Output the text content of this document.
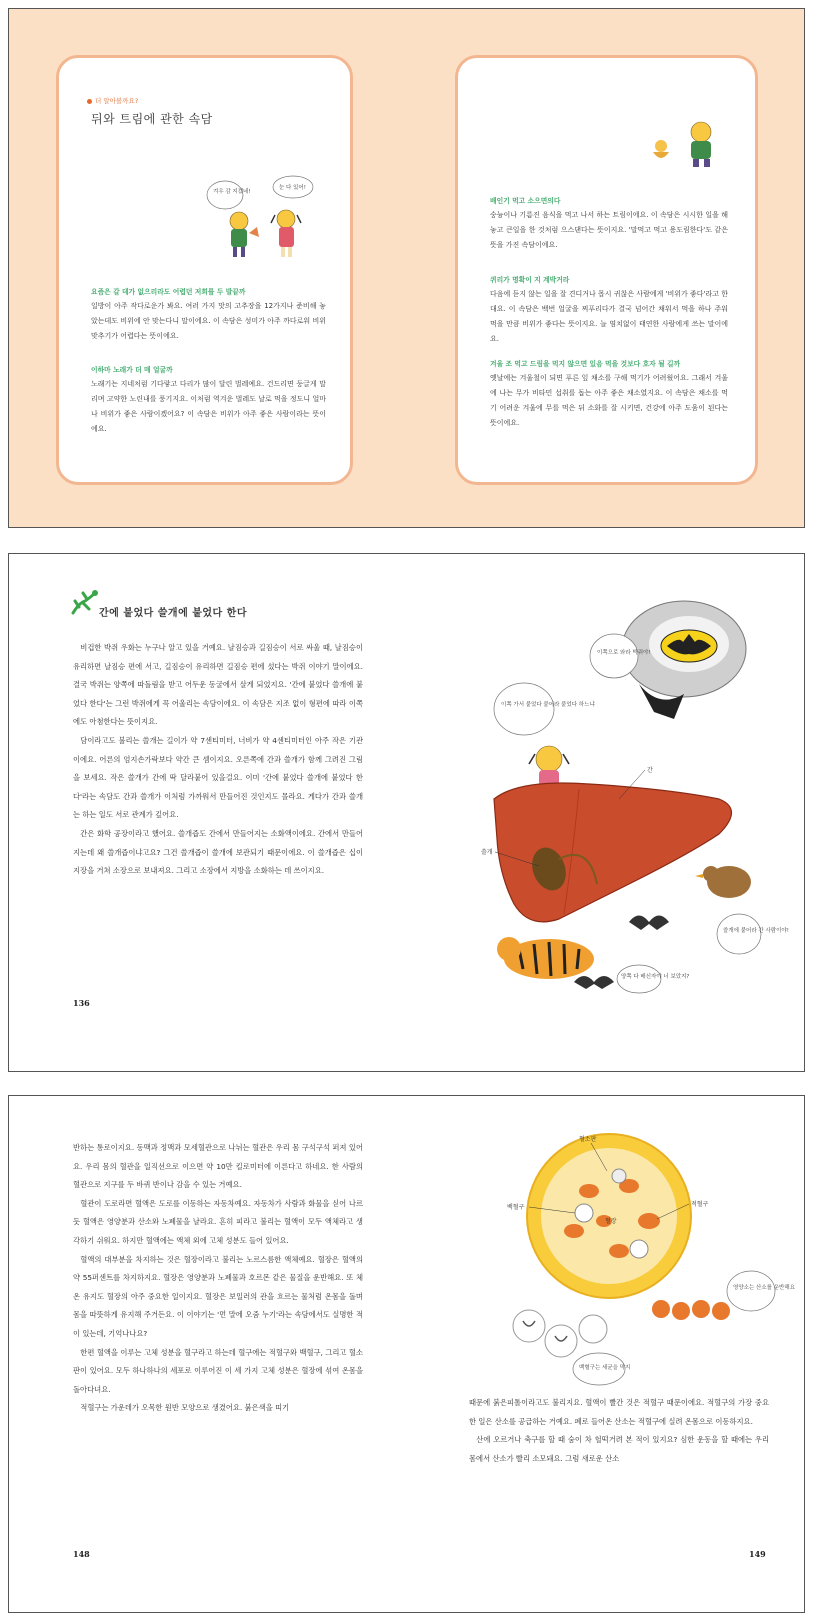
더 알아볼까요?
뒤와 트림에 관한 속담
겨우 감 지겠네!
눈 다 있어!
요즘은 갈 데가 없으리라도 어렵던 저희를 두 발끝까

일방이 아주 작다로운가 봐요. 여러 가지 맛의 고추장을 12가지나 준비해 놓았는데도 비위에 안 맞는다니 말이에요. 이 속담은 성미가 아주 까다로워 비위 맞추기가 어렵다는 뜻이에요.

이하마 노래가 더 매 얼굴까

노래기는 지네처럼 기다랗고 다리가 많이 달린 벌레예요. 건드리면 둥글게 말리며 고약한 노린내를 풍기지요. 이처럼 역겨운 벌레도 날로 먹을 정도니 얼마나 비위가 좋은 사람이겠어요? 이 속담은 비위가 아주 좋은 사람이라는 뜻이에요.

배인기 먹고 소으면의다

숭늉이나 기름진 음식을 먹고 나서 하는 트림이에요. 이 속담은 시시한 일을 해 놓고 큰일을 한 것처럼 으스댄다는 뜻이지요. '말먹고 먹고 용도림한다'도 같은 뜻을 가진 속담이에요.

퀴리가 명확이 지 계박거라

다음에 듣지 않는 일을 잘 견디거나 몹시 귀찮은 사람에게 '비위가 좋다'라고 한대요. 이 속담은 백번 얼굴을 찌푸리다가 결국 넘어간 채워서 먹을 하나 주워 먹을 만큼 비위가 좋다는 뜻이지요. 늘 염치없이 태연한 사람에게 쓰는 말이에요.

겨울 조 먹고 드림을 먹지 않으면 있음 먹을 것보다 호자 될 길까

옛날에는 겨울철이 되면 푸른 잎 채소를 구해 먹기가 어려웠어요. 그래서 겨울에 나는 무가 비타민 섭취를 돕는 아주 좋은 채소였지요. 이 속담은 채소를 먹기 어려운 겨울에 무를 먹은 뒤 소화를 잘 시키면, 건강에 아주 도움이 된다는 뜻이에요.

간에 붙었다 쓸개에 붙었다 한다

비겁한 박쥐 우화는 누구나 알고 있을 거예요. 날짐승과 길짐승이 서로 싸울 때, 날짐승이 유리하면 날짐승 편에 서고, 길짐승이 유리하면 길짐승 편에 섰다는 박쥐 이야기 말이에요. 결국 박쥐는 양쪽에 따돌림을 받고 어두운 동굴에서 살게 되었지요. '간에 붙었다 쓸개에 붙었다 한다'는 그런 박쥐에게 꼭 어울리는 속담이에요. 이 속담은 지조 없이 형편에 따라 이쪽에도 아첨한다는 뜻이지요.

담이라고도 불리는 쓸개는 길이가 약 7센티미터, 너비가 약 4센티미터인 아주 작은 기관이에요. 어른의 엄지손가락보다 약간 큰 셈이지요. 오른쪽에 간과 쓸개가 함께 그려진 그림을 보세요. 작은 쓸개가 간에 딱 달라붙어 있을걸요. 이미 '간에 붙었다 쓸개에 붙었다 한다'라는 속담도 간과 쓸개가 이처럼 가까워서 만들어진 것인지도 몰라요. 게다가 간과 쓸개는 하는 일도 서로 관계가 깊어요.

간은 화학 공장이라고 했어요. 쓸개즙도 간에서 만들어지는 소화액이에요. 간에서 만들어지는데 왜 쓸개즙이냐고요? 그건 쓸개즙이 쓸개에 보관되기 때문이에요. 이 쓸개즙은 십이지장을 거쳐 소장으로 보내져요. 그리고 소장에서 지방을 소화하는 데 쓰이지요.

136
이쪽으로 와라 박쥐야!
이쪽 가서 붙었다 붙어라 붙었다 하느냐
간
쓸개
쓸개에 붙어라 간 사람이야!
양쪽 다 배신자야 너 보았지?

반하는 통로이지요. 동맥과 정맥과 모세혈관으로 나뉘는 혈관은 우리 몸 구석구석 퍼져 있어요. 우리 몸의 혈관을 일직선으로 이으면 약 10만 킬로미터에 이른다고 하네요. 한 사람의 혈관으로 지구를 두 바퀴 반이나 감을 수 있는 거예요.

혈관이 도로라면 혈액은 도로를 이동하는 자동차예요. 자동차가 사람과 화물을 싣어 나르듯 혈액은 영양분과 산소와 노폐물을 날라요. 흔히 피라고 불리는 혈액이 모두 액체라고 생각하기 쉬워요. 하지만 혈액에는 액체 외에 고체 성분도 들어 있어요.

혈액의 대부분을 차지하는 것은 혈장이라고 불리는 노르스름한 액체예요. 혈장은 혈액의 약 55퍼센트를 차지하지요. 혈장은 영양분과 노폐물과 호르몬 같은 물질을 운반해요. 또 체온 유지도 혈장의 아주 중요한 일이지요. 혈장은 보일러의 관을 흐르는 물처럼 온몸을 돌며 몸을 따뜻하게 유지해 주거든요. 이 이야기는 '먼 말에 오줌 누기'라는 속담에서도 실명한 적이 있는데, 기억나나요?

한편 혈액을 이루는 고체 성분을 혈구라고 하는데 혈구에는 적혈구와 백혈구, 그리고 혈소판이 있어요. 모두 하나하나의 세포로 이루어진 이 세 가지 고체 성분은 혈장에 섞여 온몸을 돌아다녀요.

적혈구는 가운데가 오목한 원반 모양으로 생겼어요. 붉은색을 띠기

148
혈소판
백혈구	적혈구
혈장
영양소는 산소를 운반해요
백혈구는 세균을 막지

때문에 붉은피톨이라고도 불리지요. 혈액이 빨간 것은 적혈구 때문이에요. 적혈구의 가장 중요한 일은 산소를 공급하는 거예요. 폐로 들어온 산소는 적혈구에 실려 온몸으로 이동하지요.

산에 오르거나 축구를 할 때 숨이 차 헐떡거려 본 적이 있지요? 심한 운동을 할 때에는 우리 몸에서 산소가 빨리 소모돼요. 그럼 새로운 산소

149
